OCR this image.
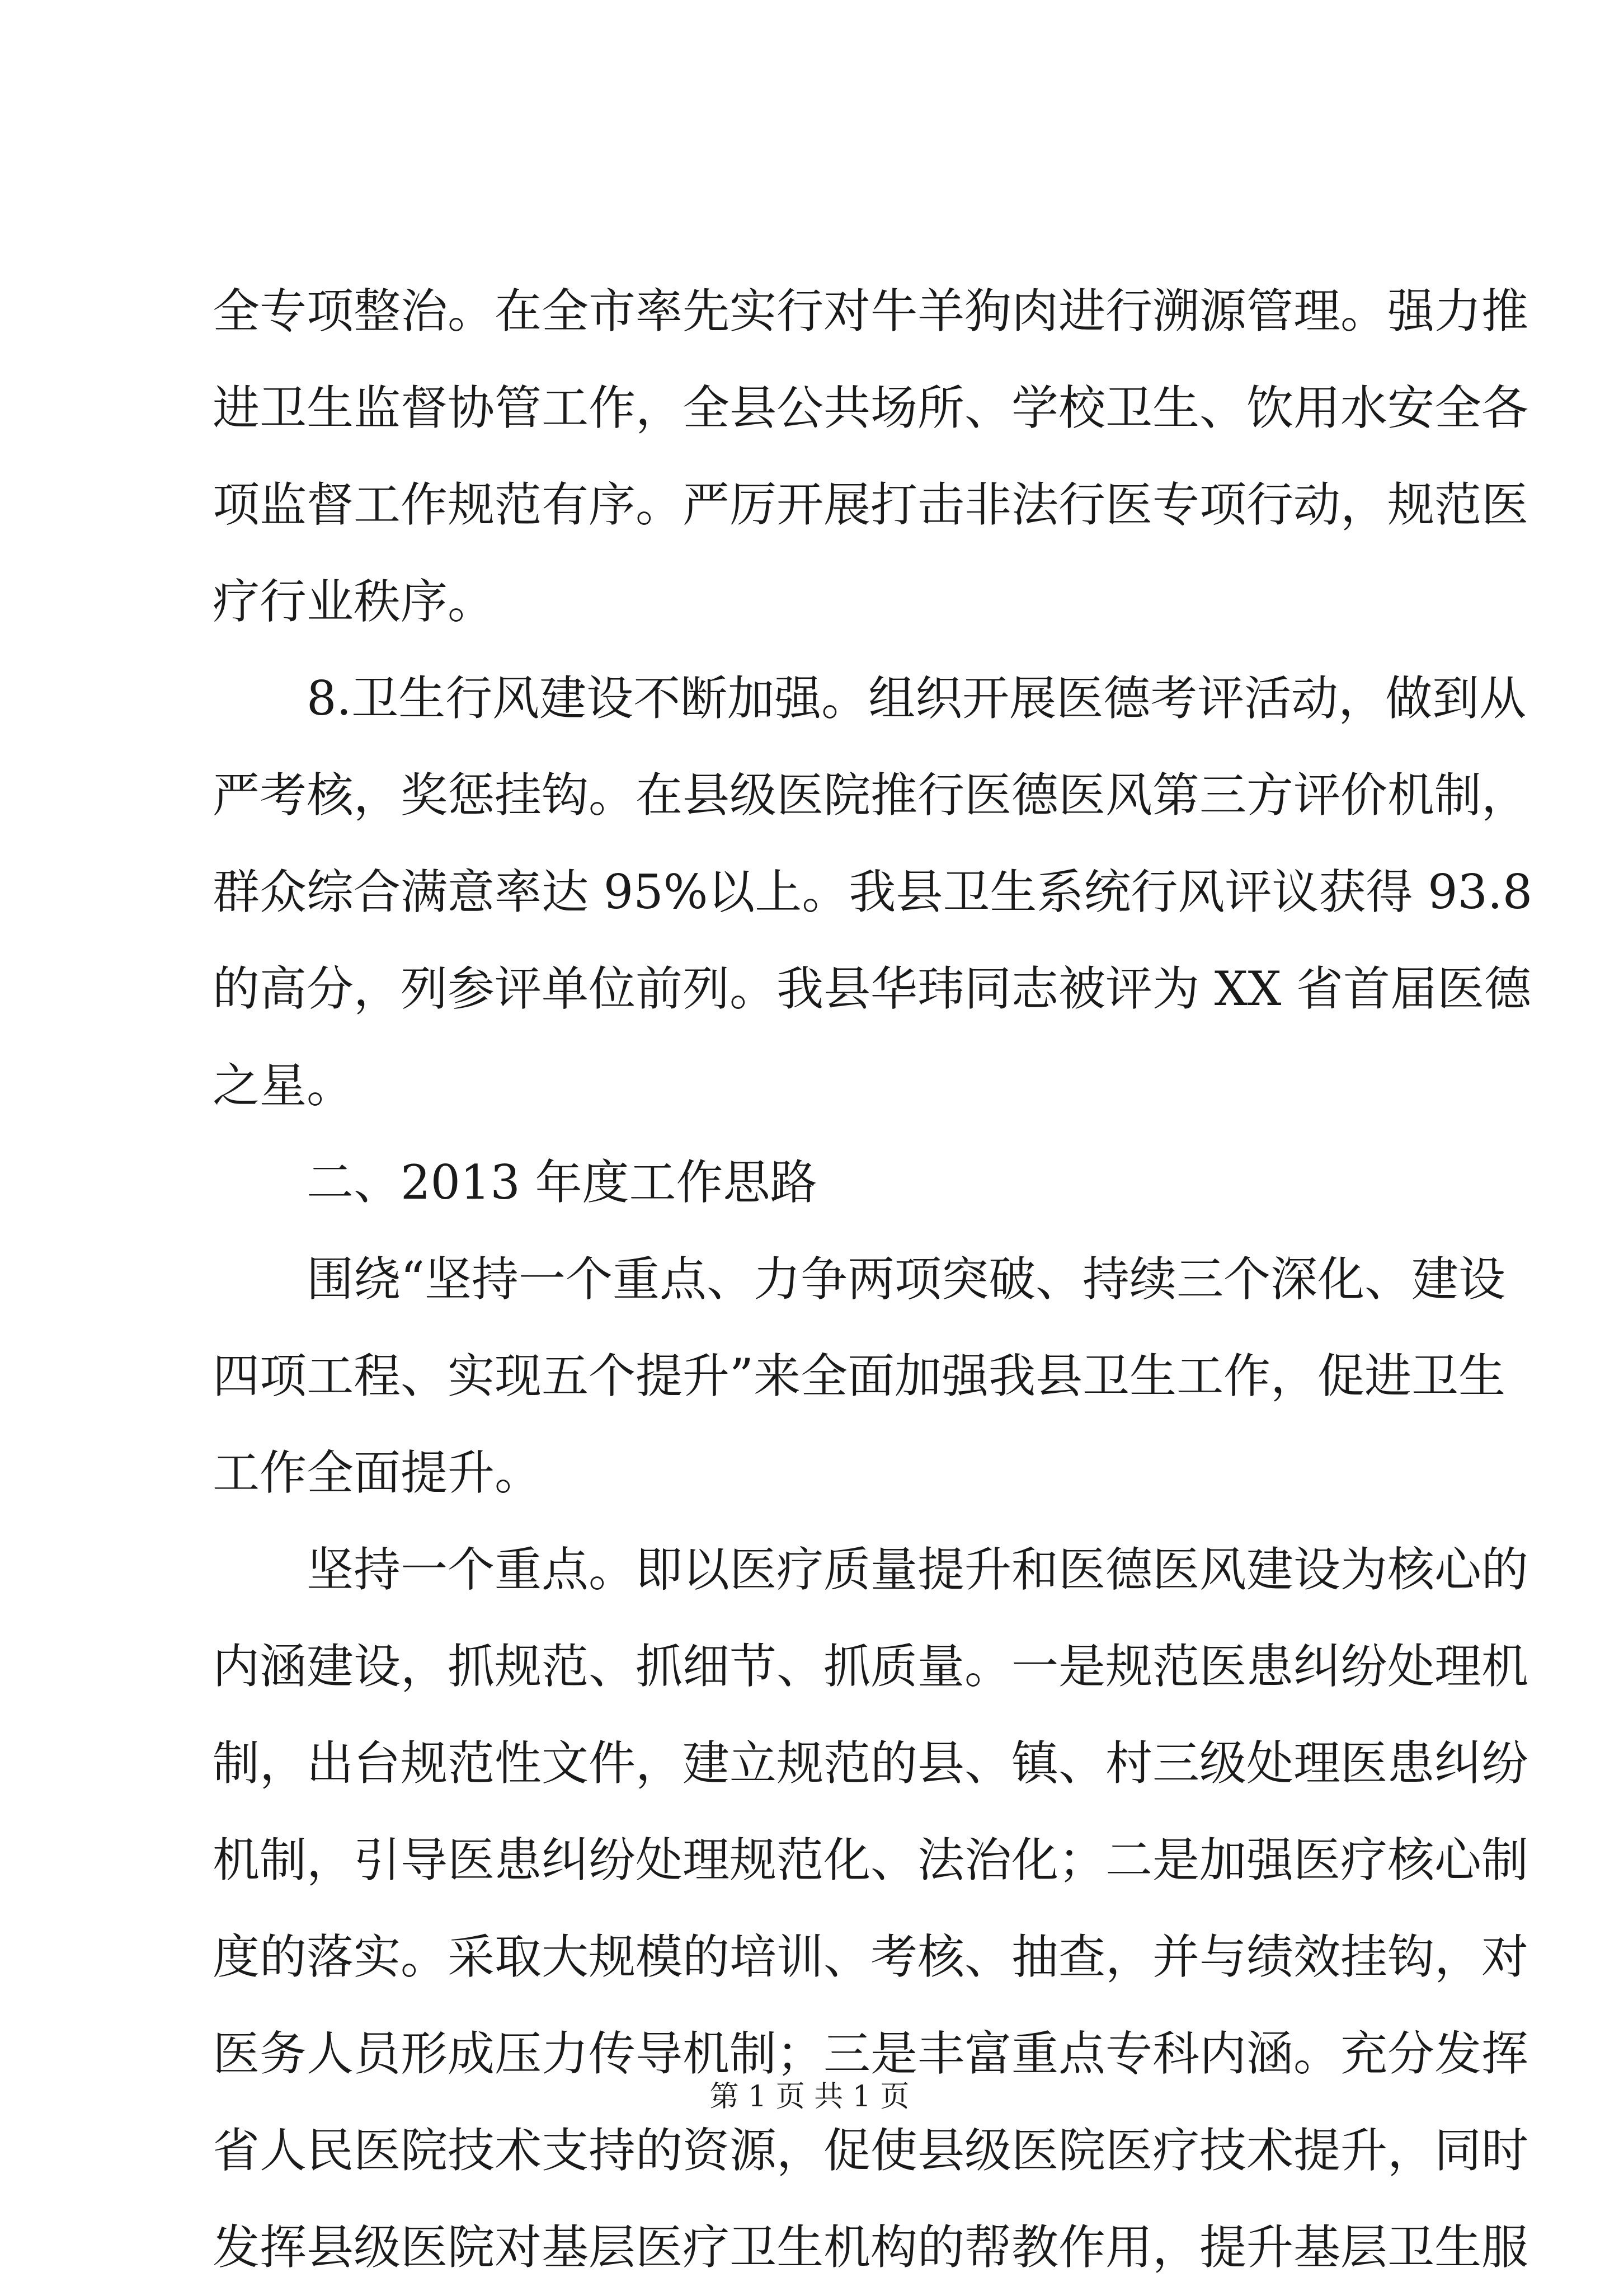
全专项整治。在全市率先实行对牛羊狗肉进行溯源管理。强力推
进卫生监督协管工作，全县公共场所、学校卫生、饮用水安全各
项监督工作规范有序。严厉开展打击非法行医专项行动，规范医
疗行业秩序。
8.卫生行风建设不断加强。组织开展医德考评活动，做到从
严考核，奖惩挂钩。在县级医院推行医德医风第三方评价机制，
群众综合满意率达 95%以上。我县卫生系统行风评议获得 93.8
的高分，列参评单位前列。我县华玮同志被评为 XX 省首届医德
之星。
二、2013 年度工作思路
围绕“坚持一个重点、力争两项突破、持续三个深化、建设
四项工程、实现五个提升”来全面加强我县卫生工作，促进卫生
工作全面提升。
坚持一个重点。即以医疗质量提升和医德医风建设为核心的
内涵建设，抓规范、抓细节、抓质量。一是规范医患纠纷处理机
制，出台规范性文件，建立规范的县、镇、村三级处理医患纠纷
机制，引导医患纠纷处理规范化、法治化；二是加强医疗核心制
度的落实。采取大规模的培训、考核、抽查，并与绩效挂钩，对
医务人员形成压力传导机制；三是丰富重点专科内涵。充分发挥
省人民医院技术支持的资源，促使县级医院医疗技术提升，同时
发挥县级医院对基层医疗卫生机构的帮教作用，提升基层卫生服
第 1 页 共 1 页
